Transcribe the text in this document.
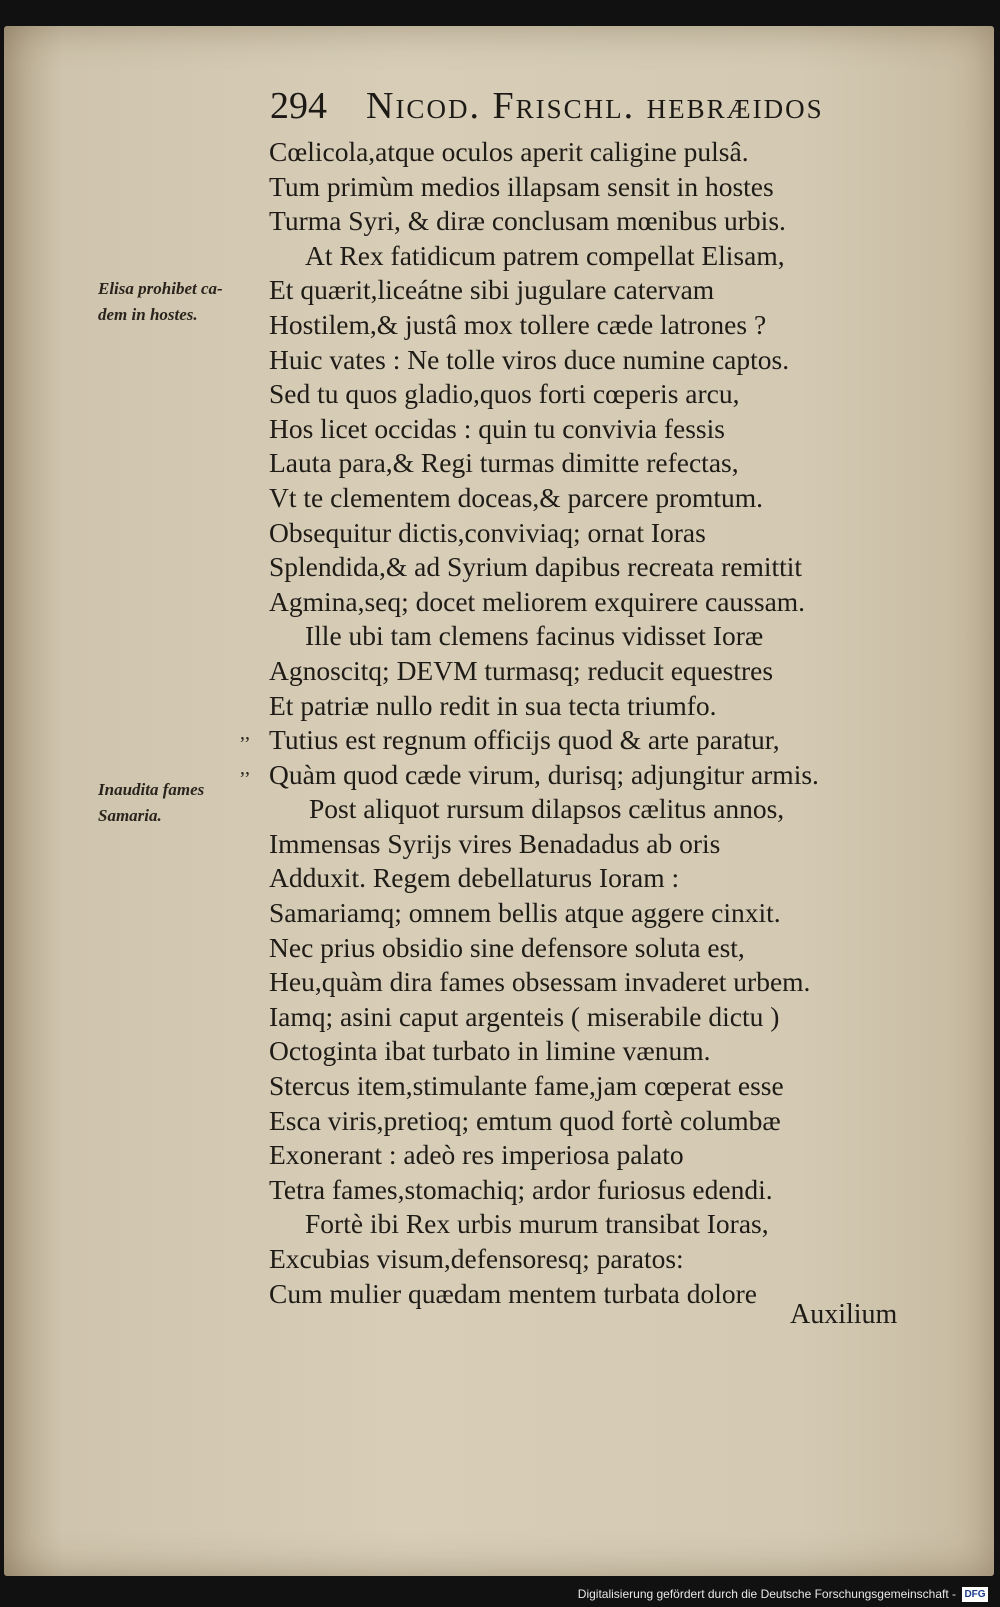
294 Nicod. Frischl. hebræidos
Elisa prohibet ca-
dem in hostes.
Inaudita fames
Samaria.
,,
,,
Cœlicola,atque oculos aperit caligine pulsâ.
Tum primùm medios illapsam sensit in hostes
Turma Syri, & diræ conclusam mœnibus urbis.
At Rex fatidicum patrem compellat Elisam,
Et quærit,liceátne sibi jugulare catervam
Hostilem,& justâ mox tollere cæde latrones ?
Huic vates : Ne tolle viros duce numine captos.
Sed tu quos gladio,quos forti cœperis arcu,
Hos licet occidas : quin tu convivia fessis
Lauta para,& Regi turmas dimitte refectas,
Vt te clementem doceas,& parcere promtum.
Obsequitur dictis,conviviaq; ornat Ioras
Splendida,& ad Syrium dapibus recreata remittit
Agmina,seq; docet meliorem exquirere caussam.
Ille ubi tam clemens facinus vidisset Ioræ
Agnoscitq; DEVM turmasq; reducit equestres
Et patriæ nullo redit in sua tecta triumfo.
Tutius est regnum officijs quod & arte paratur,
Quàm quod cæde virum, durisq; adjungitur armis.
Post aliquot rursum dilapsos cælitus annos,
Immensas Syrijs vires Benadadus ab oris
Adduxit. Regem debellaturus Ioram :
Samariamq; omnem bellis atque aggere cinxit.
Nec prius obsidio sine defensore soluta est,
Heu,quàm dira fames obsessam invaderet urbem.
Iamq; asini caput argenteis ( miserabile dictu )
Octoginta ibat turbato in limine vænum.
Stercus item,stimulante fame,jam cœperat esse
Esca viris,pretioq; emtum quod fortè columbæ
Exonerant : adeò res imperiosa palato
Tetra fames,stomachiq; ardor furiosus edendi.
Fortè ibi Rex urbis murum transibat Ioras,
Excubias visum,defensoresq; paratos:
Cum mulier quædam mentem turbata dolore
Auxilium
Digitalisierung gefördert durch die Deutsche Forschungsgemeinschaft - DFG
